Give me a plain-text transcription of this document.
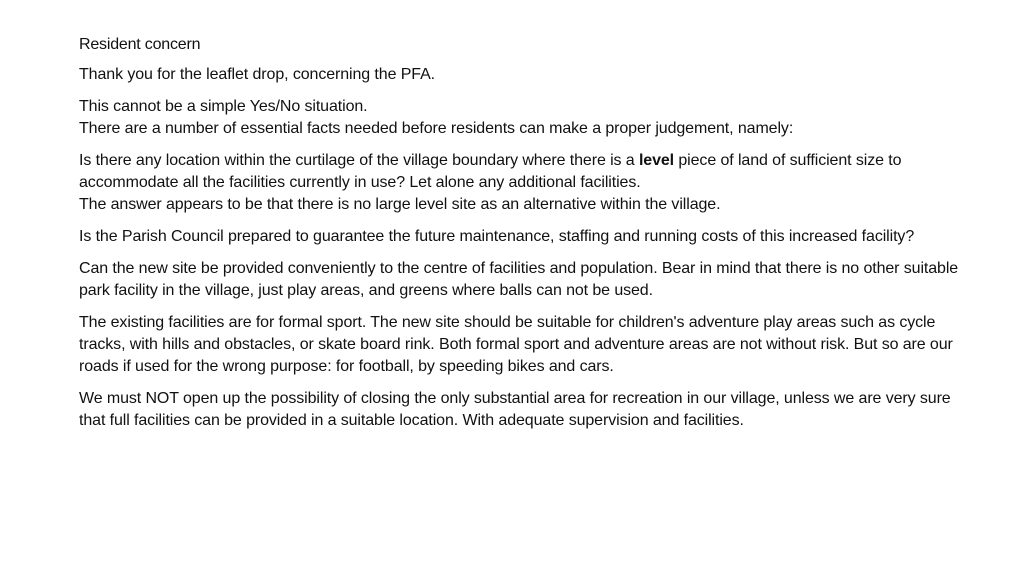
Resident concern

Thank you for the leaflet drop, concerning the PFA.

This cannot be a simple Yes/No situation.
There are a number of essential facts needed before residents can make a proper judgement, namely:

Is there any location within the curtilage of the village boundary where there is a level piece of land of sufficient size to accommodate all the facilities currently in use? Let alone any additional facilities.
The answer appears to be that there is no large level site as an alternative within the village.

Is the Parish Council prepared to guarantee the future maintenance, staffing and running costs of this increased facility?

Can the new site be provided conveniently to the centre of facilities and population. Bear in mind that there is no other suitable park facility in the village, just play areas, and greens where balls can not be used.

The existing facilities are for formal sport. The new site should be suitable for children's adventure play areas such as cycle tracks, with hills and obstacles, or skate board rink. Both formal sport and adventure areas are not without risk. But so are our roads if used for the wrong purpose: for football, by speeding bikes and cars.

We must NOT open up the possibility of closing the only substantial area for recreation in our village, unless we are very sure that full facilities can be provided in a suitable location. With adequate supervision and facilities.
